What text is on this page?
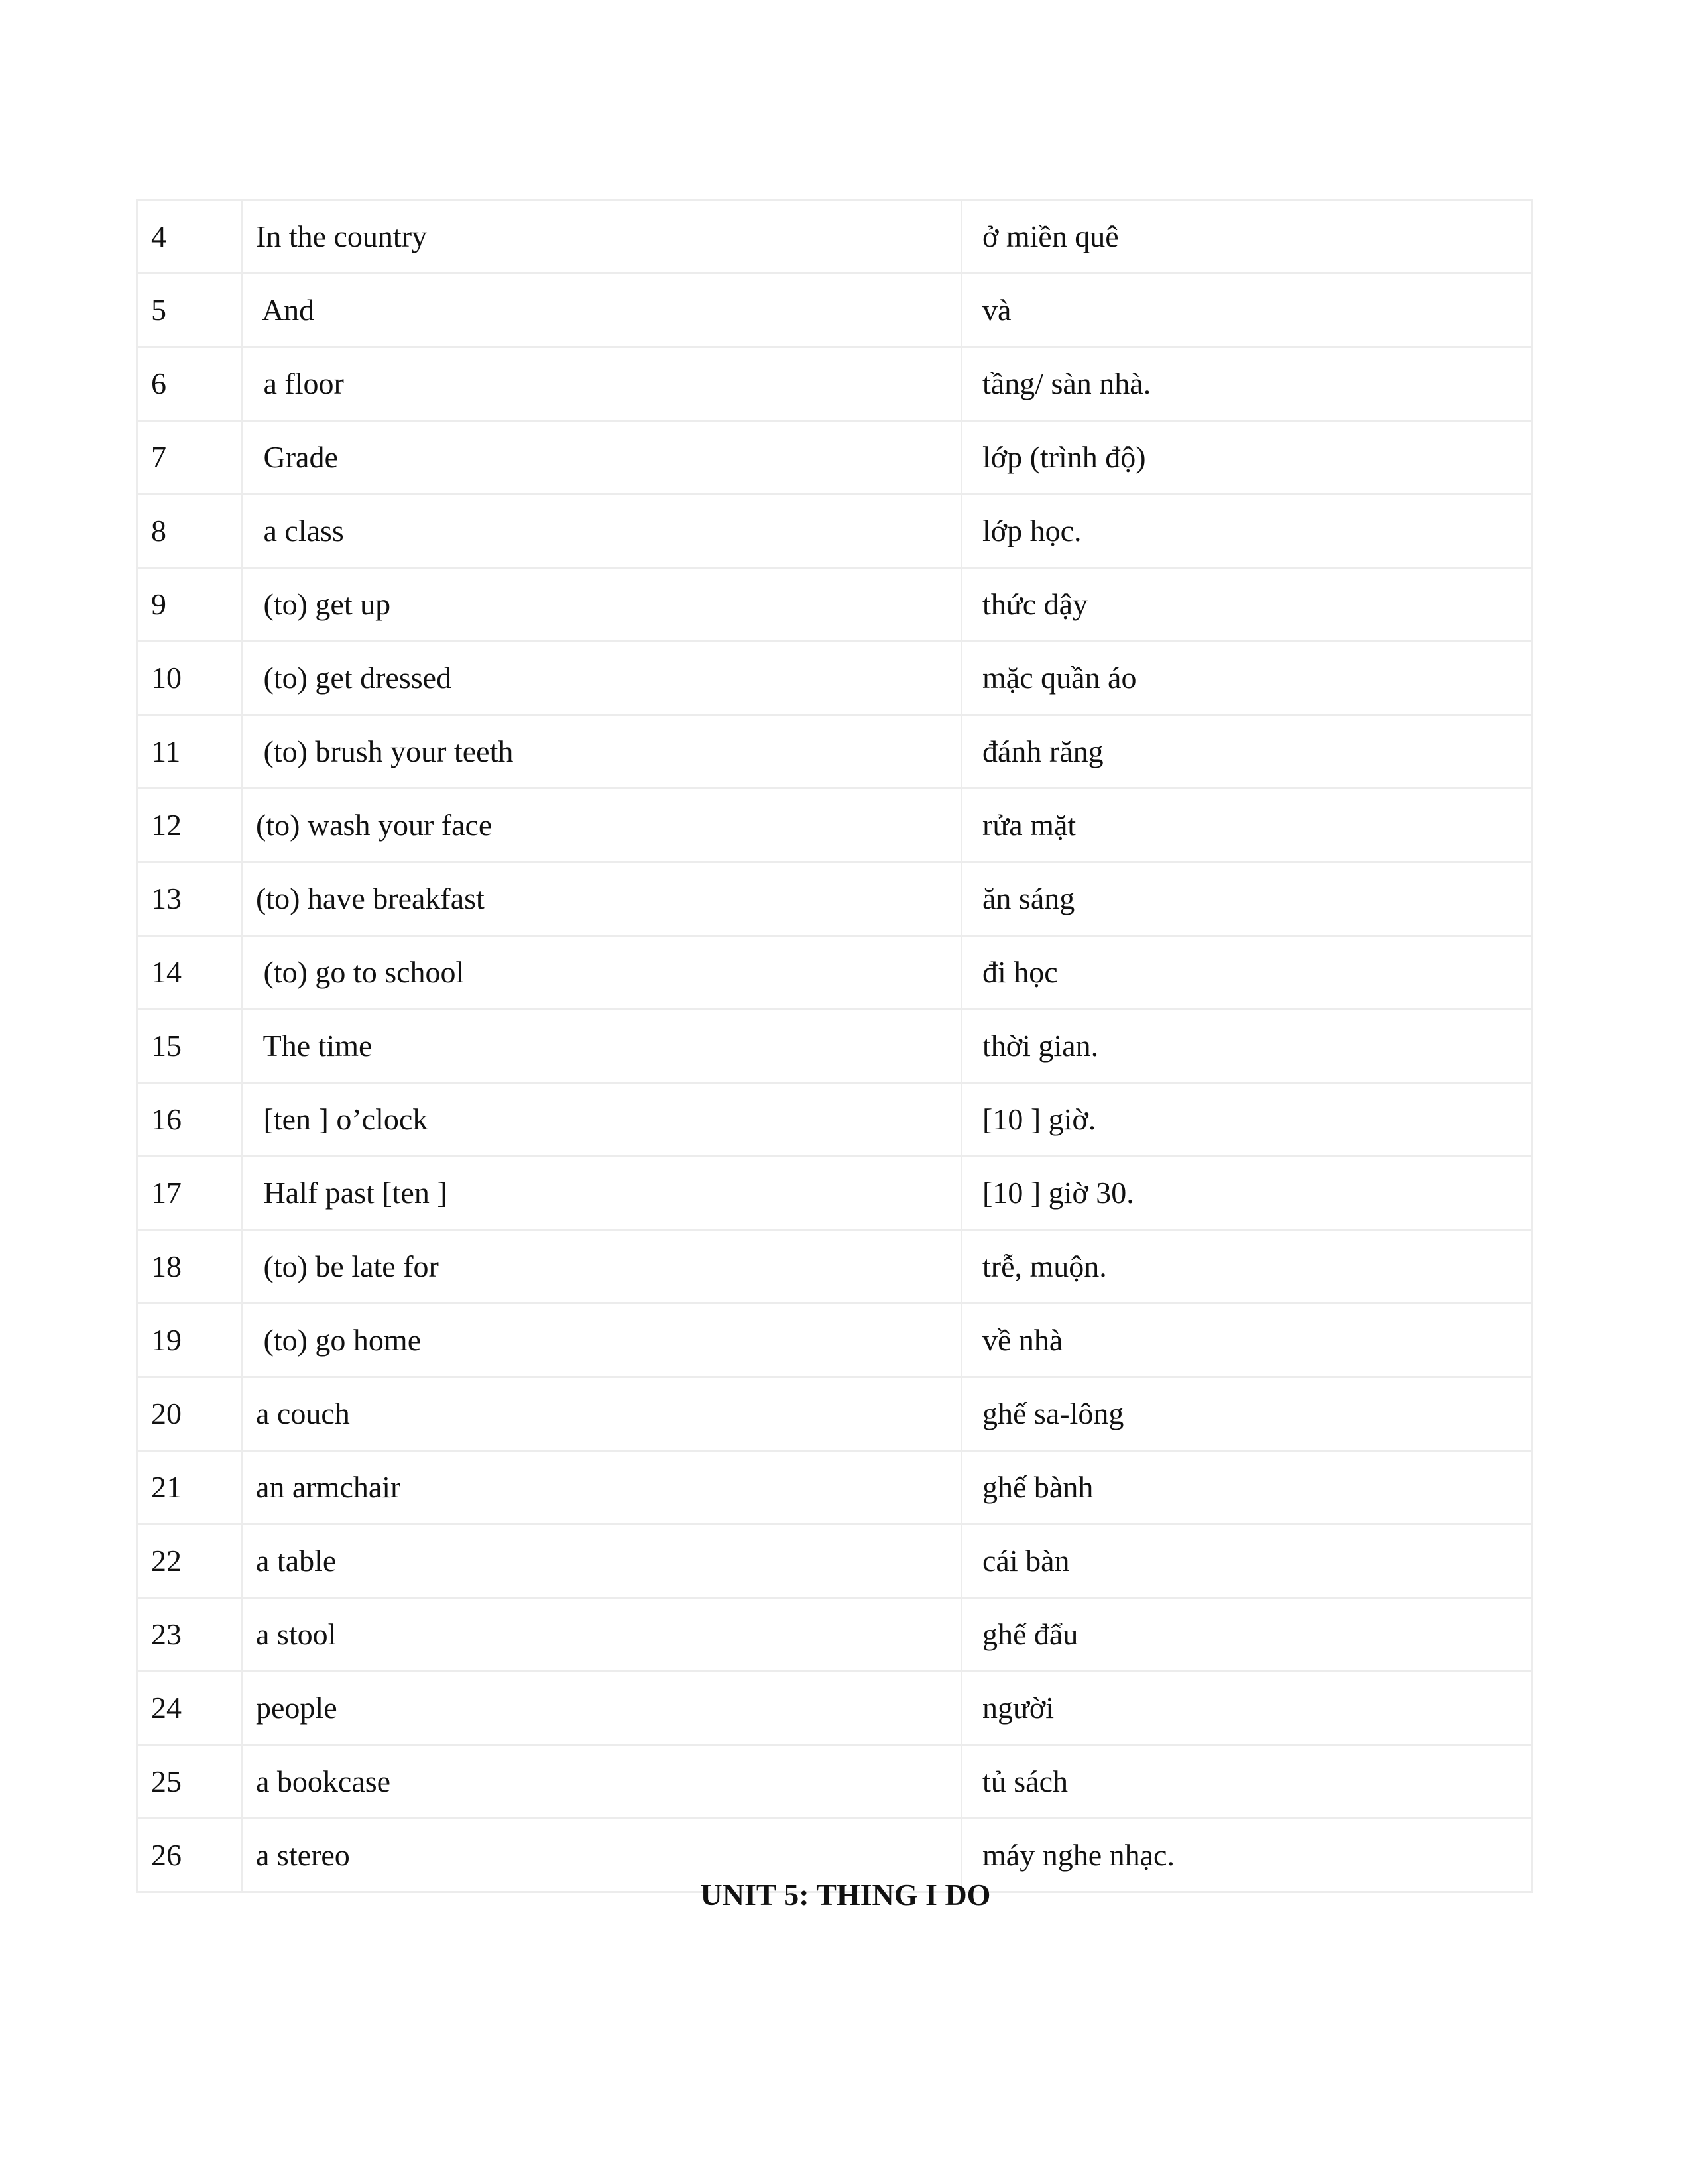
4	In the country	ở miền quê
5	And	và
6	a floor	tầng/ sàn nhà.
7	Grade	lớp (trình độ)
8	a class	lớp học.
9	(to) get up	thức dậy
10	(to) get dressed	mặc quần áo
11	(to) brush your teeth	đánh răng
12	(to) wash your face	rửa mặt
13	(to) have breakfast	ăn sáng
14	(to) go to school	đi học
15	The time	thời gian.
16	[ten ] o’clock	[10 ] giờ.
17	Half past [ten ]	[10 ] giờ 30.
18	(to) be late for	trễ, muộn.
19	(to) go home	về nhà
20	a couch	ghế sa-lông
21	an armchair	ghế bành
22	a table	cái bàn
23	a stool	ghế đẩu
24	people	người
25	a bookcase	tủ sách
26	a stereo	máy nghe nhạc.
UNIT 5: THING I DO
